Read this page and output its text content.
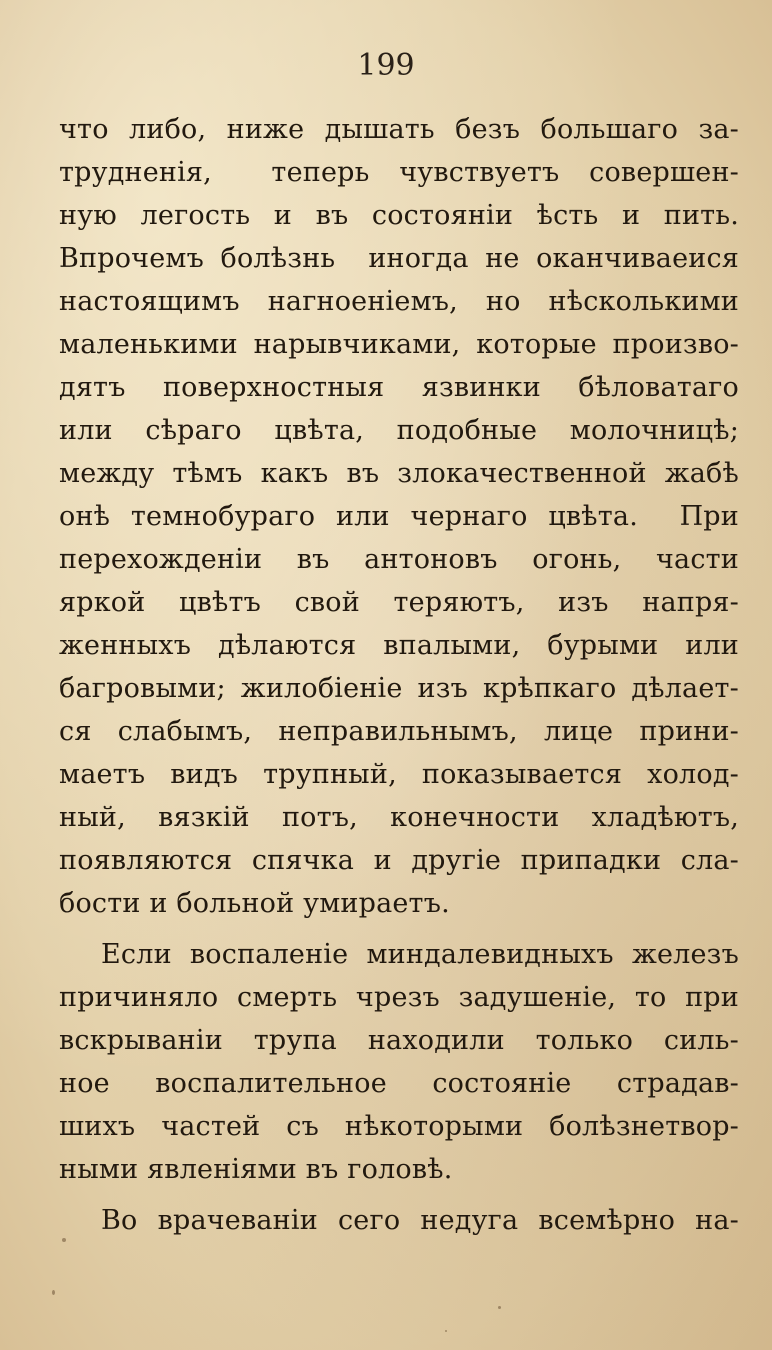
199
что либо, ниже дышать безъ большаго за-
трудненія,  теперь чувствуетъ совершен-
ную легость и въ состояніи ѣсть и пить.
Впрочемъ болѣзнь  иногда не оканчиваеися
настоящимъ нагноеніемъ, но нѣсколькими
маленькими нарывчиками, которые произво-
дятъ поверхностныя язвинки бѣловатаго
или сѣраго цвѣта, подобные молочницѣ;
между тѣмъ какъ въ злокачественной жабѣ
онѣ темнобураго или чернаго цвѣта.  При
перехожденіи въ антоновъ огонь, части
яркой цвѣтъ свой теряютъ, изъ напря-
женныхъ дѣлаются впалыми, бурыми или
багровыми; жилобіеніе изъ крѣпкаго дѣлает-
ся слабымъ, неправильнымъ, лице прини-
маетъ видъ трупный, показывается холод-
ный, вязкій потъ, конечности хладѣютъ,
появляются спячка и другіе припадки сла-
бости и больной умираетъ.
Если воспаленіе миндалевидныхъ железъ
причиняло смерть чрезъ задушеніе, то при
вскрываніи трупа находили только силь-
ное воспалительное состояніе страдав-
шихъ частей съ нѣкоторыми болѣзнетвор-
ными явленіями въ головѣ.
Во врачеваніи сего недуга всемѣрно на-
